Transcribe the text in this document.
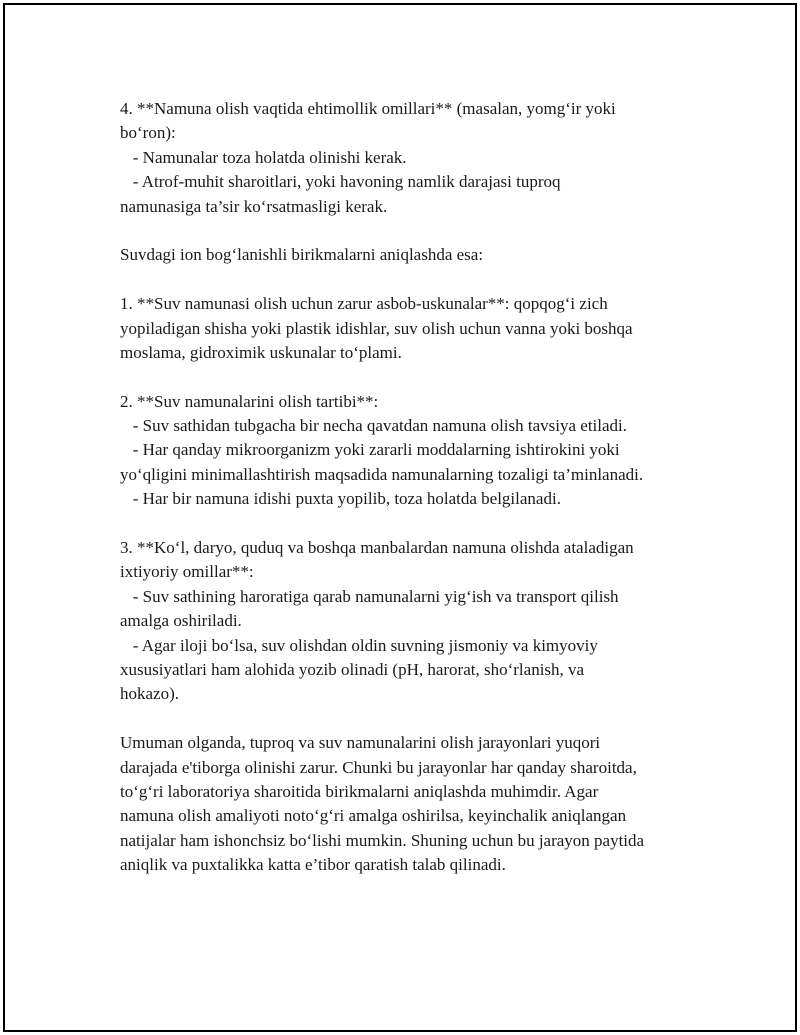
4. **Namuna olish vaqtida ehtimollik omillari** (masalan, yomg‘ir yoki
bo‘ron):
- Namunalar toza holatda olinishi kerak.
- Atrof-muhit sharoitlari, yoki havoning namlik darajasi tuproq
namunasiga ta’sir ko‘rsatmasligi kerak.
Suvdagi ion bog‘lanishli birikmalarni aniqlashda esa:
1. **Suv namunasi olish uchun zarur asbob-uskunalar**: qopqog‘i zich
yopiladigan shisha yoki plastik idishlar, suv olish uchun vanna yoki boshqa
moslama, gidroximik uskunalar to‘plami.
2. **Suv namunalarini olish tartibi**:
- Suv sathidan tubgacha bir necha qavatdan namuna olish tavsiya etiladi.
- Har qanday mikroorganizm yoki zararli moddalarning ishtirokini yoki
yo‘qligini minimallashtirish maqsadida namunalarning tozaligi ta’minlanadi.
- Har bir namuna idishi puxta yopilib, toza holatda belgilanadi.
3. **Ko‘l, daryo, quduq va boshqa manbalardan namuna olishda ataladigan
ixtiyoriy omillar**:
- Suv sathining haroratiga qarab namunalarni yig‘ish va transport qilish
amalga oshiriladi.
- Agar iloji bo‘lsa, suv olishdan oldin suvning jismoniy va kimyoviy
xususiyatlari ham alohida yozib olinadi (pH, harorat, sho‘rlanish, va
hokazo).
Umuman olganda, tuproq va suv namunalarini olish jarayonlari yuqori
darajada e'tiborga olinishi zarur. Chunki bu jarayonlar har qanday sharoitda,
to‘g‘ri laboratoriya sharoitida birikmalarni aniqlashda muhimdir. Agar
namuna olish amaliyoti noto‘g‘ri amalga oshirilsa, keyinchalik aniqlangan
natijalar ham ishonchsiz bo‘lishi mumkin. Shuning uchun bu jarayon paytida
aniqlik va puxtalikka katta e’tibor qaratish talab qilinadi.
